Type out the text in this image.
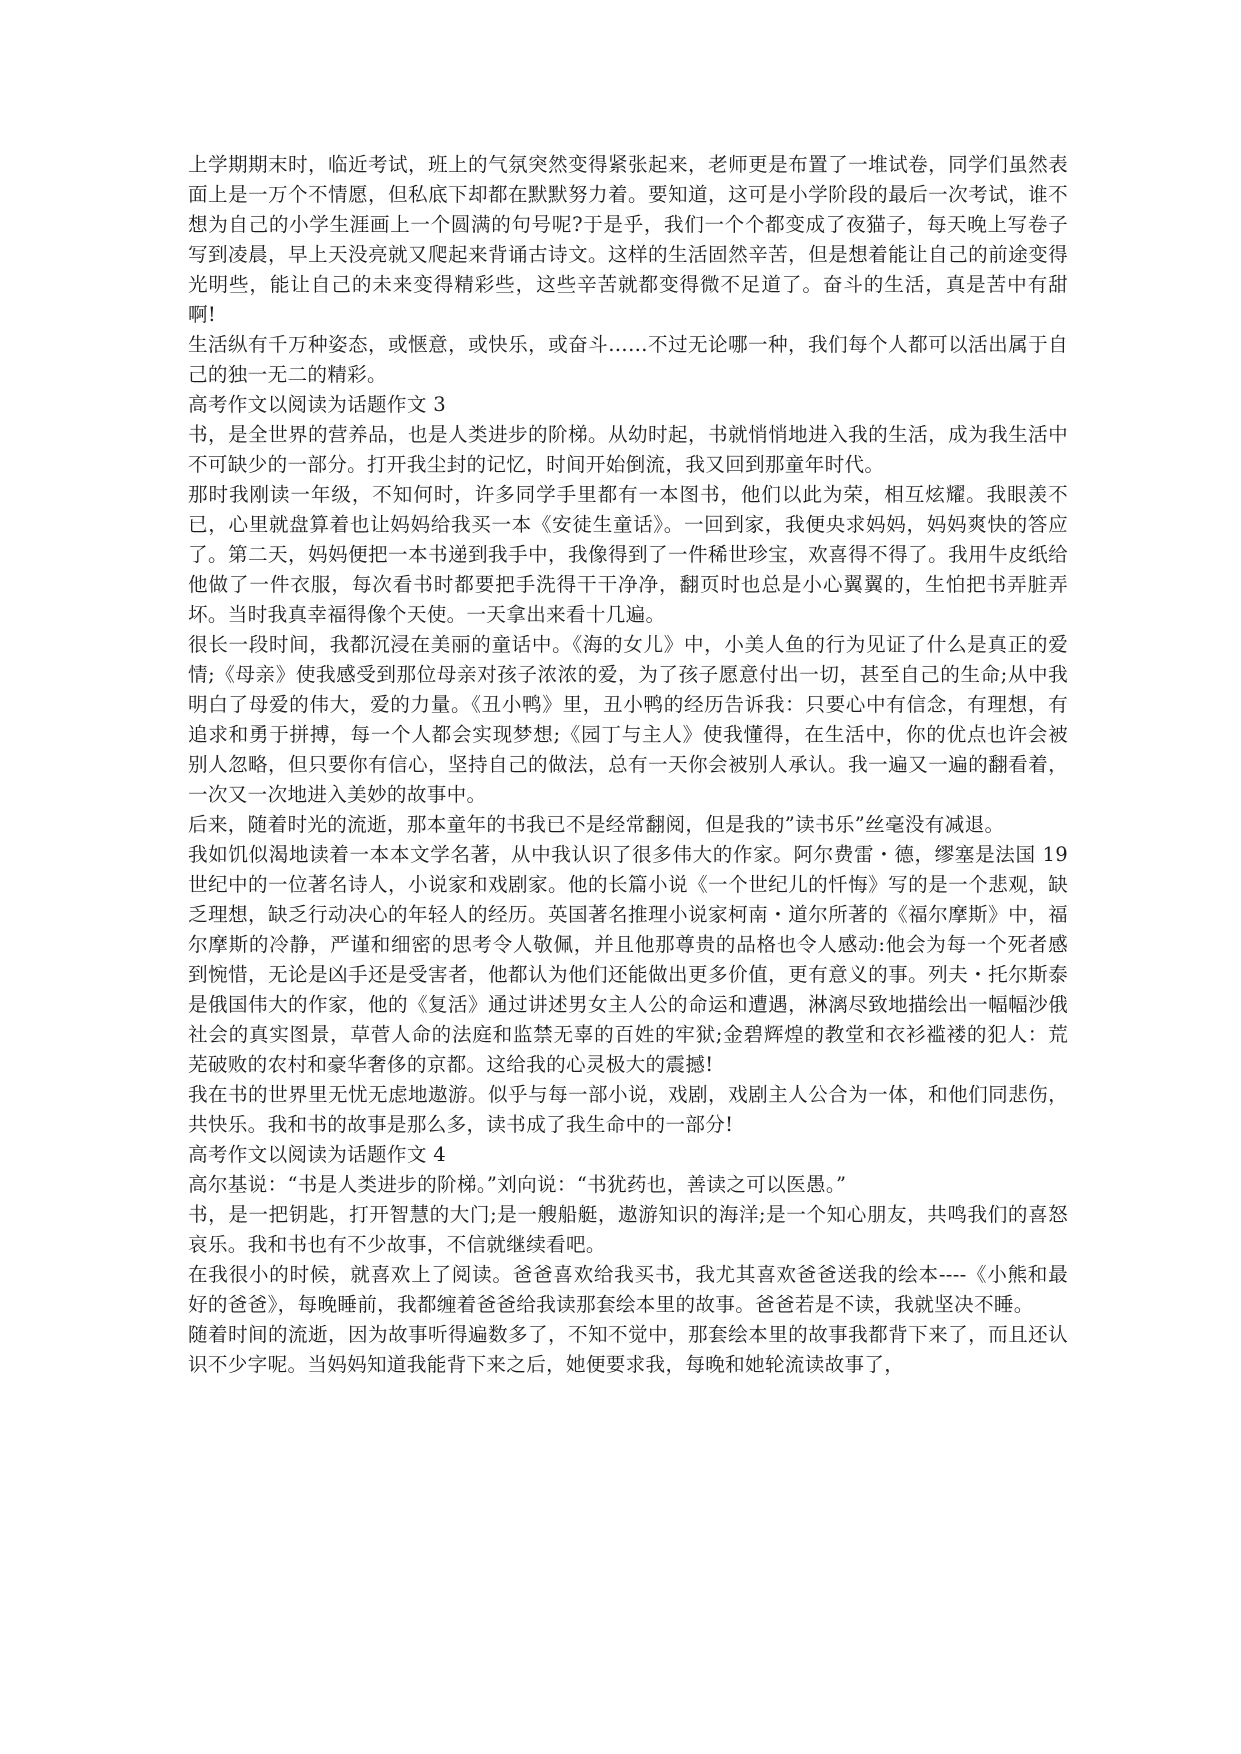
上学期期末时，临近考试，班上的气氛突然变得紧张起来，老师更是布置了一堆试卷，同学们虽然表面上是一万个不情愿，但私底下却都在默默努力着。要知道，这可是小学阶段的最后一次考试，谁不想为自己的小学生涯画上一个圆满的句号呢?于是乎，我们一个个都变成了夜猫子，每天晚上写卷子写到凌晨，早上天没亮就又爬起来背诵古诗文。这样的生活固然辛苦，但是想着能让自己的前途变得光明些，能让自己的未来变得精彩些，这些辛苦就都变得微不足道了。奋斗的生活，真是苦中有甜啊!

生活纵有千万种姿态，或惬意，或快乐，或奋斗……不过无论哪一种，我们每个人都可以活出属于自己的独一无二的精彩。

高考作文以阅读为话题作文 3

书，是全世界的营养品，也是人类进步的阶梯。从幼时起，书就悄悄地进入我的生活，成为我生活中不可缺少的一部分。打开我尘封的记忆，时间开始倒流，我又回到那童年时代。

那时我刚读一年级，不知何时，许多同学手里都有一本图书，他们以此为荣，相互炫耀。我眼羡不已，心里就盘算着也让妈妈给我买一本《安徒生童话》。一回到家，我便央求妈妈，妈妈爽快的答应了。第二天，妈妈便把一本书递到我手中，我像得到了一件稀世珍宝，欢喜得不得了。我用牛皮纸给他做了一件衣服，每次看书时都要把手洗得干干净净，翻页时也总是小心翼翼的，生怕把书弄脏弄坏。当时我真幸福得像个天使。一天拿出来看十几遍。

很长一段时间，我都沉浸在美丽的童话中。《海的女儿》中，小美人鱼的行为见证了什么是真正的爱情;《母亲》使我感受到那位母亲对孩子浓浓的爱，为了孩子愿意付出一切，甚至自己的生命;从中我明白了母爱的伟大，爱的力量。《丑小鸭》里，丑小鸭的经历告诉我：只要心中有信念，有理想，有追求和勇于拼搏，每一个人都会实现梦想;《园丁与主人》使我懂得，在生活中，你的优点也许会被别人忽略，但只要你有信心，坚持自己的做法，总有一天你会被别人承认。我一遍又一遍的翻看着，一次又一次地进入美妙的故事中。

后来，随着时光的流逝，那本童年的书我已不是经常翻阅，但是我的”读书乐”丝毫没有减退。

我如饥似渴地读着一本本文学名著，从中我认识了很多伟大的作家。阿尔费雷・德，缪塞是法国 19 世纪中的一位著名诗人，小说家和戏剧家。他的长篇小说《一个世纪儿的忏悔》写的是一个悲观，缺乏理想，缺乏行动决心的年轻人的经历。英国著名推理小说家柯南・道尔所著的《福尔摩斯》中，福尔摩斯的冷静，严谨和细密的思考令人敬佩，并且他那尊贵的品格也令人感动:他会为每一个死者感到惋惜，无论是凶手还是受害者，他都认为他们还能做出更多价值，更有意义的事。列夫・托尔斯泰是俄国伟大的作家，他的《复活》通过讲述男女主人公的命运和遭遇，淋漓尽致地描绘出一幅幅沙俄社会的真实图景，草菅人命的法庭和监禁无辜的百姓的牢狱;金碧辉煌的教堂和衣衫褴褛的犯人：荒芜破败的农村和豪华奢侈的京都。这给我的心灵极大的震撼!

我在书的世界里无忧无虑地遨游。似乎与每一部小说，戏剧，戏剧主人公合为一体，和他们同悲伤，共快乐。我和书的故事是那么多，读书成了我生命中的一部分!

高考作文以阅读为话题作文 4

高尔基说：“书是人类进步的阶梯。”刘向说：“书犹药也，善读之可以医愚。”

书，是一把钥匙，打开智慧的大门;是一艘船艇，遨游知识的海洋;是一个知心朋友，共鸣我们的喜怒哀乐。我和书也有不少故事，不信就继续看吧。

在我很小的时候，就喜欢上了阅读。爸爸喜欢给我买书，我尤其喜欢爸爸送我的绘本----《小熊和最好的爸爸》，每晚睡前，我都缠着爸爸给我读那套绘本里的故事。爸爸若是不读，我就坚决不睡。

随着时间的流逝，因为故事听得遍数多了，不知不觉中，那套绘本里的故事我都背下来了，而且还认识不少字呢。当妈妈知道我能背下来之后，她便要求我，每晚和她轮流读故事了，
